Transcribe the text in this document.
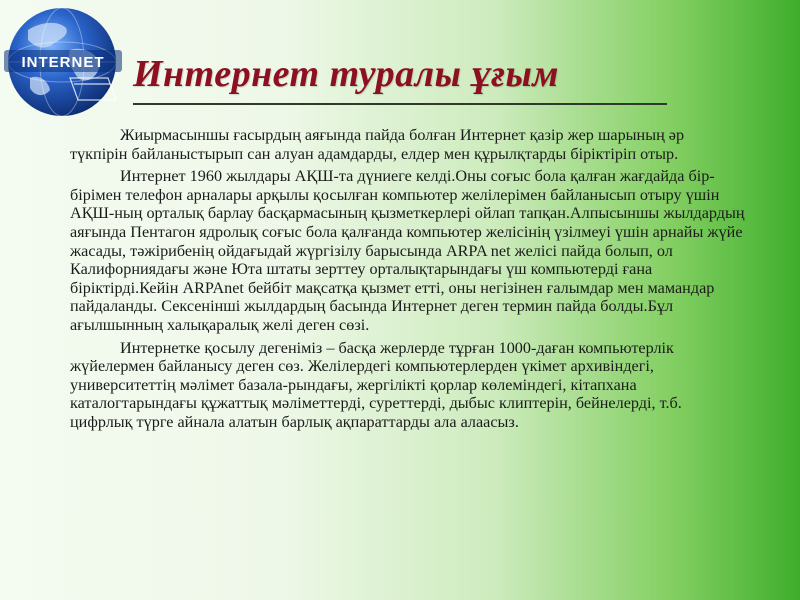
INTERNET Интернет туралы ұғым

Жиырмасыншы ғасырдың аяғында пайда болған Интернет қазір жер шарының әр түкпірін байланыстырып сан алуан адамдарды, елдер мен құрылқтарды біріктіріп отыр.

Интернет 1960 жылдары АҚШ-та дүниеге келді.Оны соғыс бола қалған жағдайда бір-бірімен телефон арналары арқылы қосылған компьютер желілерімен байланысып отыру үшін АҚШ-ның орталық барлау басқармасының қызметкерлері ойлап тапқан.Алпысыншы жылдардың аяғында Пентагон ядролық соғыс бола қалғанда компьютер желісінің үзілмеуі үшін арнайы жүйе жасады, тәжірибенің ойдағыдай жүргізілу барысында ARPA net желісі пайда болып, ол Калифорниядағы және Юта штаты зерттеу орталықтарындағы үш компьютерді ғана біріктірді.Кейін ARPAnet бейбіт мақсатқа қызмет етті, оны негізінен ғалымдар мен мамандар пайдаланды. Сексенінші жылдардың басында Интернет деген термин пайда болды.Бұл ағылшынның халықаралық желі деген сөзі.

Интернетке қосылу дегеніміз – басқа жерлерде тұрған 1000-даған компьютерлік жүйелермен байланысу деген сөз. Желілердегі компьютерлерден үкімет архивіндегі, университеттің мәлімет базала-рындағы, жергілікті қорлар көлеміндегі, кітапхана каталогтарындағы құжаттық мәліметтерді, суреттерді, дыбыс клиптерін, бейнелерді, т.б. цифрлық түрге айнала алатын барлық ақпараттарды ала алаасыз.
